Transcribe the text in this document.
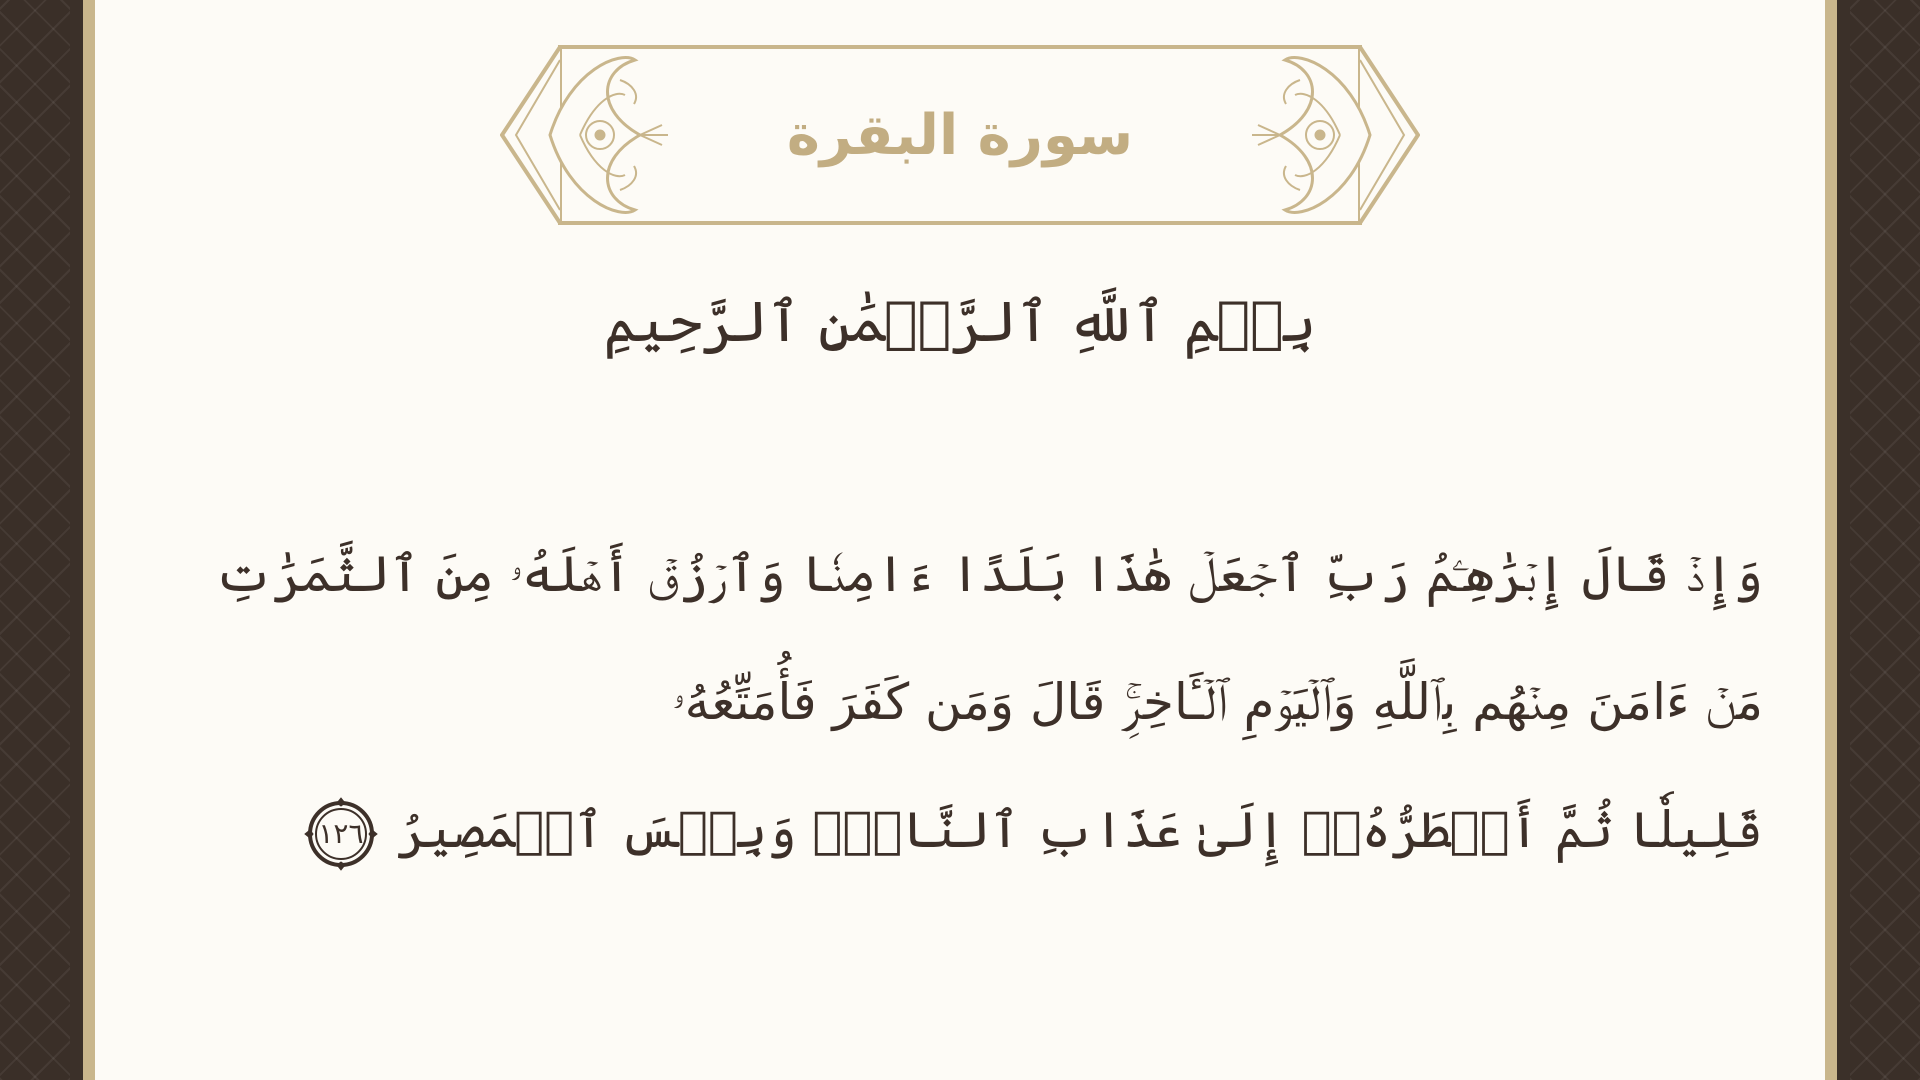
سورة البقرة
بِسۡمِ ٱللَّهِ ٱلرَّحۡمَٰنِ ٱلرَّحِيمِ
وَإِذۡ قَالَ إِبۡرَٰهِـۧمُ رَبِّ ٱجۡعَلۡ هَٰذَا بَلَدًا ءَامِنٗا وَٱرۡزُقۡ أَهۡلَهُۥ مِنَ ٱلثَّمَرَٰتِ
مَنۡ ءَامَنَ مِنۡهُم بِٱللَّهِ وَٱلۡيَوۡمِ ٱلۡـَٔاخِرِۚ قَالَ وَمَن كَفَرَ فَأُمَتِّعُهُۥ
قَلِيلٗا ثُمَّ أَضۡطَرُّهُۥٓ إِلَىٰ عَذَابِ ٱلنَّارِۖ وَبِئۡسَ ٱلۡمَصِيرُ
١٢٦
